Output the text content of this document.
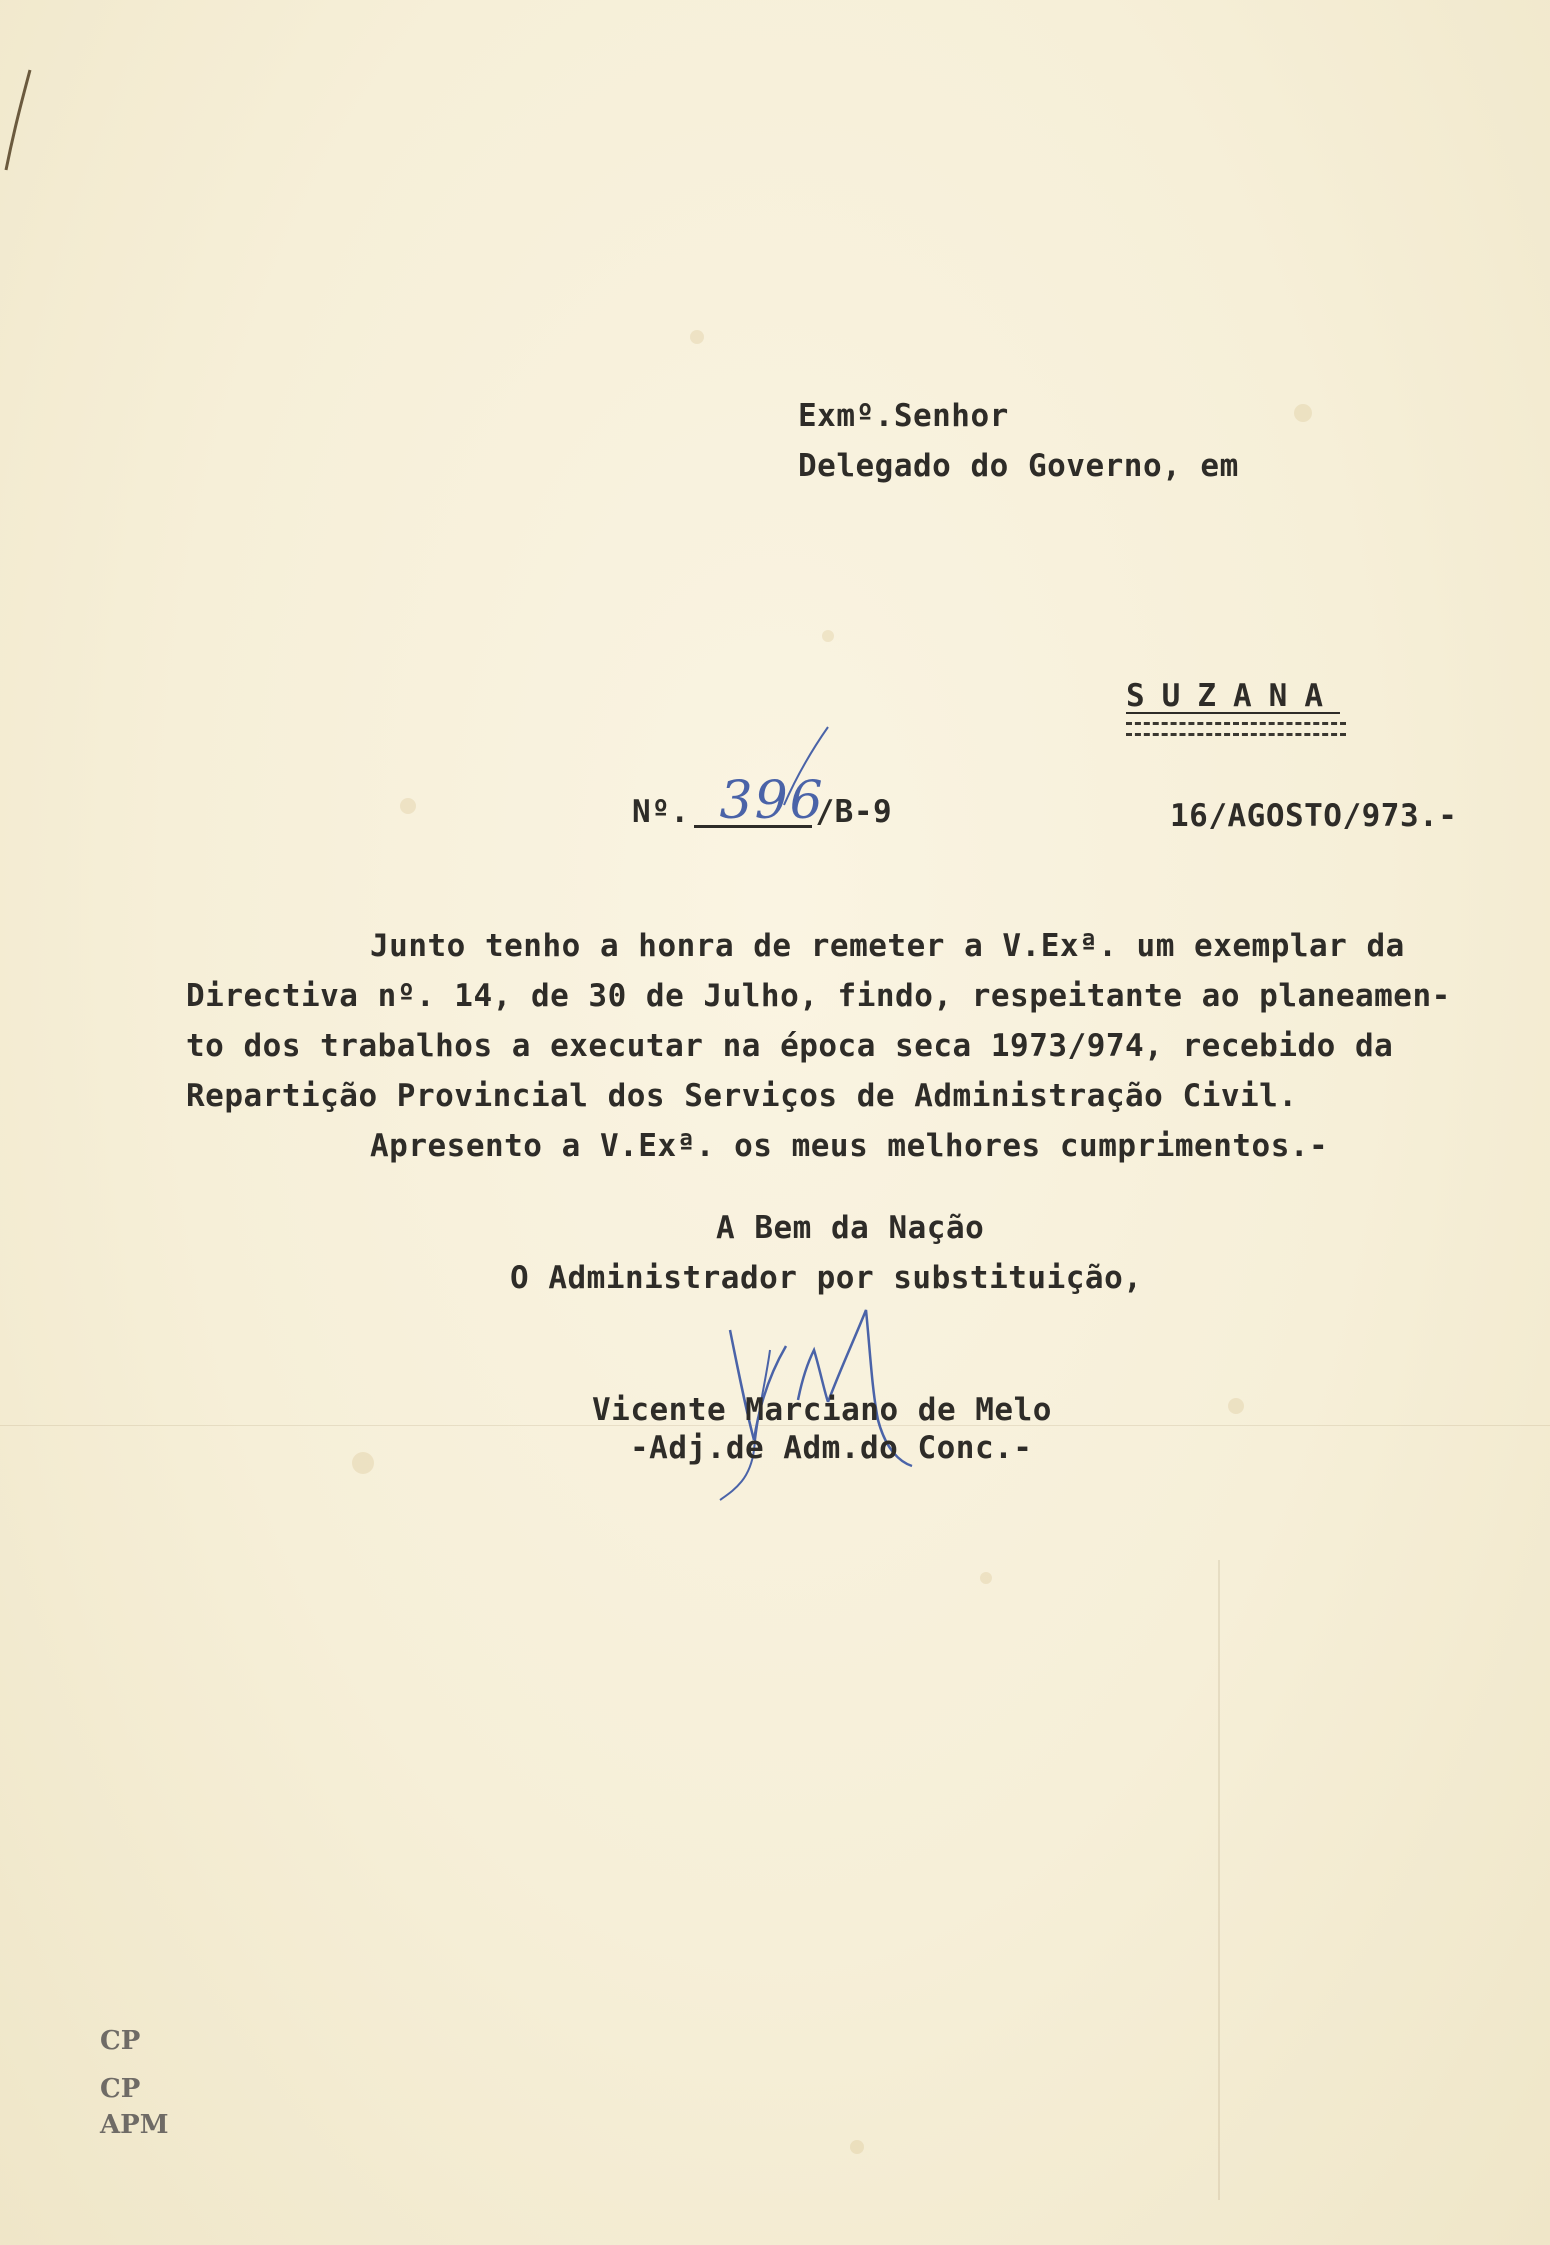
Exmº.Senhor
Delegado do Governo, em
SUZANA
Nº. 396
/B-9	16/AGOSTO/973.-
Junto tenho a honra de remeter a V.Exª. um exemplar da
Directiva nº. 14, de 30 de Julho, findo, respeitante ao planeamen-
to dos trabalhos a executar na época seca 1973/974, recebido da
Repartição Provincial dos Serviços de Administração Civil.
Apresento a V.Exª. os meus melhores cumprimentos.-
A Bem da Nação
O Administrador por substituição,
Vicente Marciano de Melo
-Adj.de Adm.do Conc.-
CP
CP
APM
